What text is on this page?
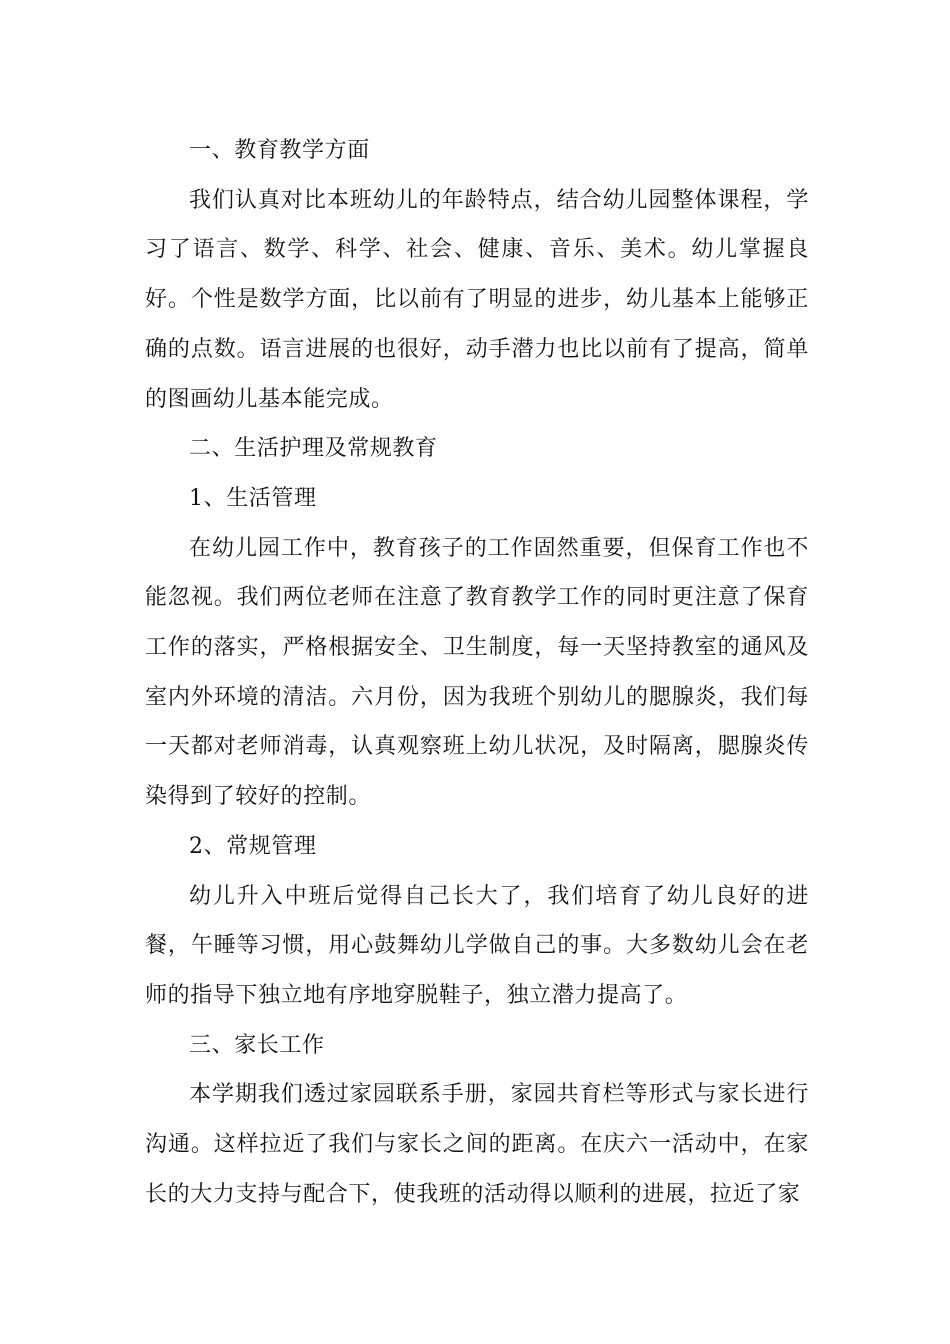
一、教育教学方面

我们认真对比本班幼儿的年龄特点，结合幼儿园整体课程，学习了语言、数学、科学、社会、健康、音乐、美术。幼儿掌握良好。个性是数学方面，比以前有了明显的进步，幼儿基本上能够正确的点数。语言进展的也很好，动手潜力也比以前有了提高，简单的图画幼儿基本能完成。

二、生活护理及常规教育

1、生活管理

在幼儿园工作中，教育孩子的工作固然重要，但保育工作也不能忽视。我们两位老师在注意了教育教学工作的同时更注意了保育工作的落实，严格根据安全、卫生制度，每一天坚持教室的通风及室内外环境的清洁。六月份，因为我班个别幼儿的腮腺炎，我们每一天都对老师消毒，认真观察班上幼儿状况，及时隔离，腮腺炎传染得到了较好的控制。

2、常规管理

幼儿升入中班后觉得自己长大了，我们培育了幼儿良好的进餐，午睡等习惯，用心鼓舞幼儿学做自己的事。大多数幼儿会在老师的指导下独立地有序地穿脱鞋子，独立潜力提高了。

三、家长工作

本学期我们透过家园联系手册，家园共育栏等形式与家长进行沟通。这样拉近了我们与家长之间的距离。在庆六一活动中，在家长的大力支持与配合下，使我班的活动得以顺利的进展，拉近了家
